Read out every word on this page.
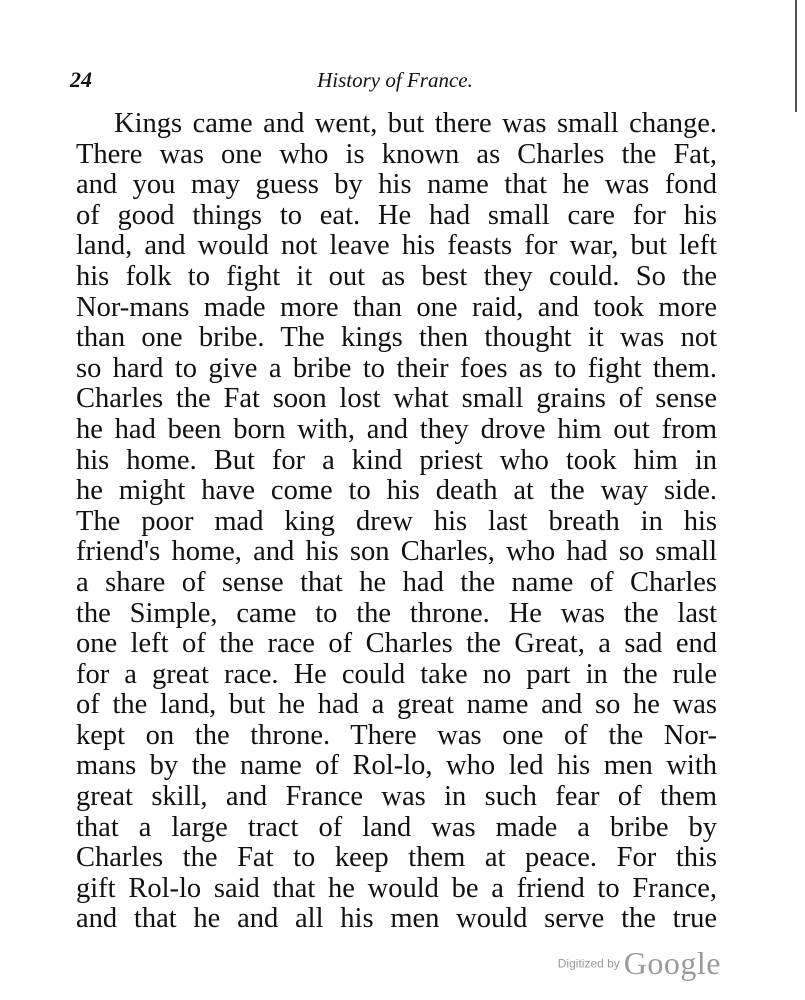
24	History of France.
Kings came and went, but there was small change.
There was one who is known as Charles the Fat,
and you may guess by his name that he was fond
of good things to eat. He had small care for his
land, and would not leave his feasts for war, but left
his folk to fight it out as best they could. So the
Nor-mans made more than one raid, and took more
than one bribe. The kings then thought it was not
so hard to give a bribe to their foes as to fight them.
Charles the Fat soon lost what small grains of sense
he had been born with, and they drove him out from
his home. But for a kind priest who took him in
he might have come to his death at the way side.
The poor mad king drew his last breath in his
friend's home, and his son Charles, who had so small
a share of sense that he had the name of Charles
the Simple, came to the throne. He was the last
one left of the race of Charles the Great, a sad end
for a great race. He could take no part in the rule
of the land, but he had a great name and so he was
kept on the throne. There was one of the Nor-
mans by the name of Rol-lo, who led his men with
great skill, and France was in such fear of them
that a large tract of land was made a bribe by
Charles the Fat to keep them at peace. For this
gift Rol-lo said that he would be a friend to France,
and that he and all his men would serve the true
Digitized by Google
